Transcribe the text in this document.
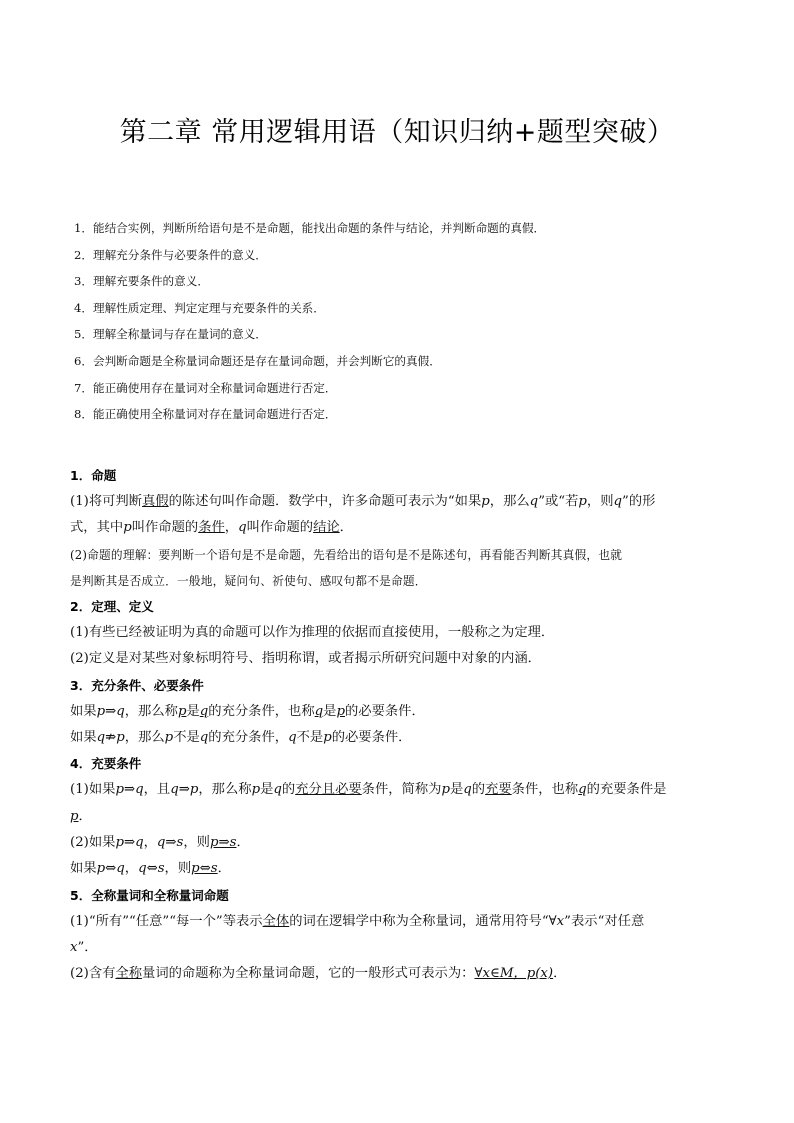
第二章 常用逻辑用语（知识归纳+题型突破）
1．能结合实例，判断所给语句是不是命题，能找出命题的条件与结论，并判断命题的真假．
2．理解充分条件与必要条件的意义．
3．理解充要条件的意义．
4．理解性质定理、判定定理与充要条件的关系．
5．理解全称量词与存在量词的意义．
6．会判断命题是全称量词命题还是存在量词命题，并会判断它的真假．
7．能正确使用存在量词对全称量词命题进行否定．
8．能正确使用全称量词对存在量词命题进行否定．
1．命题
(1)将可判断真假的陈述句叫作命题．数学中，许多命题可表示为“如果p，那么q”或“若p，则q”的形
式，其中p叫作命题的条件，q叫作命题的结论．
(2)命题的理解：要判断一个语句是不是命题，先看给出的语句是不是陈述句，再看能否判断其真假，也就
是判断其是否成立．一般地，疑问句、祈使句、感叹句都不是命题．
2．定理、定义
(1)有些已经被证明为真的命题可以作为推理的依据而直接使用，一般称之为定理．
(2)定义是对某些对象标明符号、指明称谓，或者揭示所研究问题中对象的内涵．
3．充分条件、必要条件
如果p⇒q，那么称p是q的充分条件，也称q是p的必要条件．
如果q⇏p，那么p不是q的充分条件，q不是p的必要条件．
4．充要条件
(1)如果p⇒q，且q⇒p，那么称p是q的充分且必要条件，简称为p是q的充要条件，也称q的充要条件是
p．
(2)如果p⇒q，q⇒s，则p⇒s．
如果p⇔q，q⇔s，则p⇔s．
5．全称量词和全称量词命题
(1)“所有”“任意”“每一个”等表示全体的词在逻辑学中称为全称量词，通常用符号“∀x”表示“对任意
x”．
(2)含有全称量词的命题称为全称量词命题，它的一般形式可表示为：∀x∈M，p(x)．
